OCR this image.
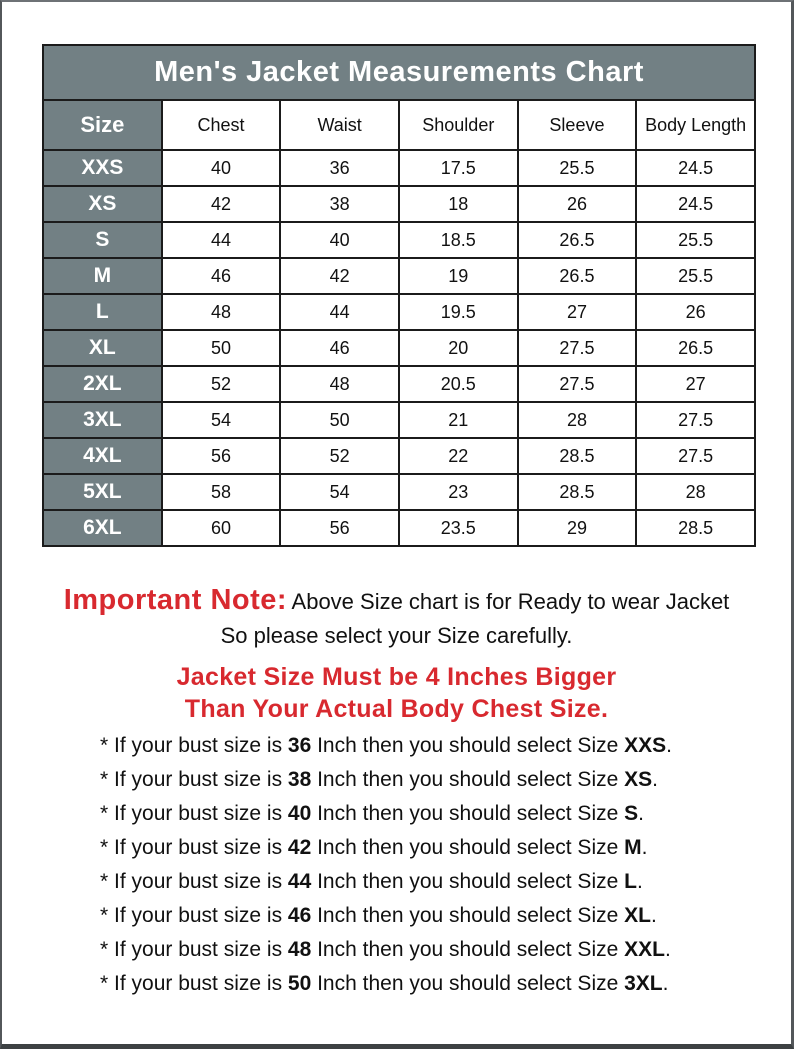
Men's Jacket Measurements Chart					
Size	Chest	Waist	Shoulder	Sleeve	Body Length
XXS	40	36	17.5	25.5	24.5
XS	42	38	18	26	24.5
S	44	40	18.5	26.5	25.5
M	46	42	19	26.5	25.5
L	48	44	19.5	27	26
XL	50	46	20	27.5	26.5
2XL	52	48	20.5	27.5	27
3XL	54	50	21	28	27.5
4XL	56	52	22	28.5	27.5
5XL	58	54	23	28.5	28
6XL	60	56	23.5	29	28.5
Important Note: Above Size chart is for Ready to wear Jacket
So please select your Size carefully.
Jacket Size Must be 4 Inches Bigger
Than Your Actual Body Chest Size.
* If your bust size is 36 Inch then you should select Size XXS.
* If your bust size is 38 Inch then you should select Size XS.
* If your bust size is 40 Inch then you should select Size S.
* If your bust size is 42 Inch then you should select Size M.
* If your bust size is 44 Inch then you should select Size L.
* If your bust size is 46 Inch then you should select Size XL.
* If your bust size is 48 Inch then you should select Size XXL.
* If your bust size is 50 Inch then you should select Size 3XL.
